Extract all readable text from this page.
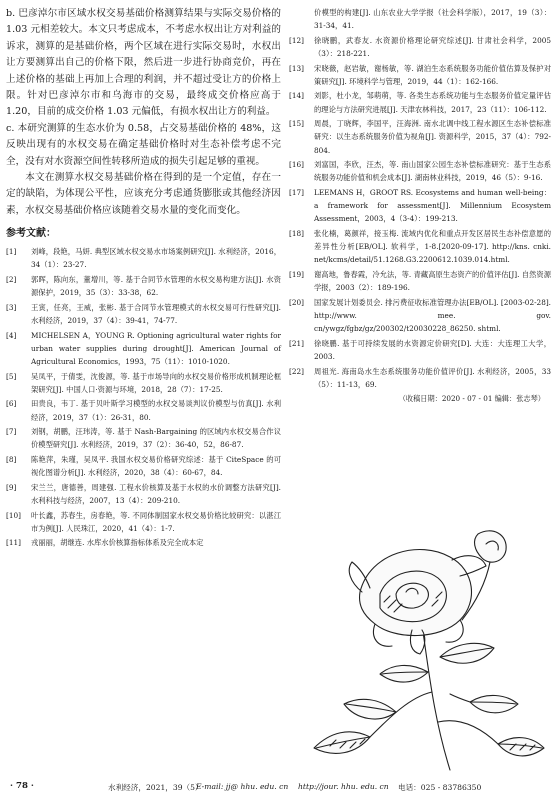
b. 巴彦淖尔市区域水权交易基础价格测算结果与实际交易价格的 1.03 元相差较大。本文只考虑成本，不考虑水权出让方对利益的诉求，测算的是基础价格，两个区域在进行实际交易时，水权出让方要测算出自己的价格下限，然后进一步进行协商竞价，再在上述价格的基础上再加上合理的利润，并不超过受让方的价格上限。针对巴彦淖尔市和乌海市的交易，最终成交价格应高于 1.20，目前的成交价格 1.03 元偏低，有损水权出让方的利益。

c. 本研究测算的生态水价为 0.58，占交易基础价格的 48%，这反映出现有的水权交易在确定基础价格时对生态补偿考虑不完全，没有对水资源空间性转移所造成的损失引起足够的重视。

本文在测算水权交易基础价格在得到的是一个定值，存在一定的缺陷，为体现公平性，应该充分考虑通货膨胀或其他经济因素，水权交易基础价格应该随着交易水量的变化而变化。

参考文献：
[1]	刘峰，段艳，马妍. 典型区域水权交易水市场案例研究[J]. 水利经济，2016，34（1）：23-27.
[2]	郭晖，陈向东，董增川，等. 基于合同节水管理的水权交易构建方法[J]. 水资源保护，2019，35（3）：33-38，62.
[3]	王寅，任亮，王威，张彬. 基于合同节水管理模式的水权交易可行性研究[J]. 水利经济，2019，37（4）：39-41，74-77.
[4]	MICHELSEN A，YOUNG R. Optioning agricultural water rights for urban water supplies during drought[J]. American Journal of Agricultural Economics，1993，75（11）：1010-1020.
[5]	吴凤平，于倩雯，沈俊源，等. 基于市场导向的水权交易价格形成机制理论框架研究[J]. 中国人口·资源与环境，2018，28（7）：17-25.
[6]	田贵良，韦丁. 基于贝叶斯学习模型的水权交易谈判议价模型与仿真[J]. 水利经济，2019，37（1）：26-31，80.
[7]	刘钢，胡鹏，汪玮涛，等. 基于 Nash-Bargaining 的区域内水权交易合作议价模型研究[J]. 水利经济，2019，37（2）：36-40，52，86-87.
[8]	陈艳萍，朱瑾，吴凤平. 我国水权交易价格研究综述：基于 CiteSpace 的可视化图谱分析[J]. 水利经济，2020，38（4）：60-67，84.
[9]	宋兰兰，唐德善，周建强. 工程水价核算及基于水权的水价调整方法研究[J]. 水利科技与经济，2007，13（4）：209-210.
[10]	叶长鑫，苏春生，房春艳，等. 不同体制国家水权交易价格比较研究：以湛江市为例[J]. 人民珠江，2020，41（4）：1-7.
[11]	戎丽丽，胡继连. 水库水价核算指标体系及完全成本定
价模型的构建[J]. 山东农业大学学报（社会科学版），2017，19（3）：31-34，41.
[12]	徐晓鹏，武春友. 水资源价格理论研究综述[J]. 甘肃社会科学，2005（3）：218-221.
[13]	宋晓薇，赵岩敏，谢杨敏，等. 湖泊生态系统服务功能价值估算及保护对策研究[J]. 环境科学与管理，2019，44（1）：162-166.
[14]	刘影，杜小龙，邹萌萌，等. 各类生态系统功能与生态服务价值定量评估的理论与方法研究进展[J]. 天津农林科技，2017，23（11）：106-112.
[15]	周晨，丁晓辉，李国平，汪海洲. 南水北调中线工程水源区生态补偿标准研究：以生态系统服务价值为视角[J]. 资源科学，2015，37（4）：792-804.
[16]	刘富国，李欣，汪杰，等. 南山国家公园生态补偿标准研究：基于生态系统服务功能价值和机会成本[J]. 湖南林业科技，2019，46（5）：9-16.
[17]	LEEMANS H，GROOT RS. Ecosystems and human well-being：a framework for assessment[J]. Millennium Ecosystem Assessment，2003，4（3-4）：199-213.
[18]	张化楠，葛颜祥，接玉梅. 流域内优化和重点开发区居民生态补偿意愿的差异性分析[EB/OL]. 软科学，1-8.[2020-09-17]. http://kns. cnki. net/kcms/detail/51.1268.G3.2200612.1039.014.html.
[19]	谢高地，鲁春霞，冷允法，等. 青藏高原生态资产的价值评估[J]. 自然资源学报，2003（2）：189-196.
[20]	国家发展计划委员会. 排污费征收标准管理办法[EB/OL]. [2003-02-28]. http://www. mee. gov. cn/ywgz/fgbz/gz/200302/t20030228_86250. shtml.
[21]	徐晓鹏. 基于可持续发展的水资源定价研究[D]. 大连：大连理工大学，2003.
[22]	周祖光. 海南岛水生态系统服务功能价值评价[J]. 水利经济，2005，33（5）：11-13，69.
（收稿日期：2020 - 07 - 01 编辑：张志琴）
· 78 ·	水利经济，2021，39（5）
E-mail: jj@ hhu. edu. cn http://jour. hhu. edu. cn 电话：025 - 83786350
